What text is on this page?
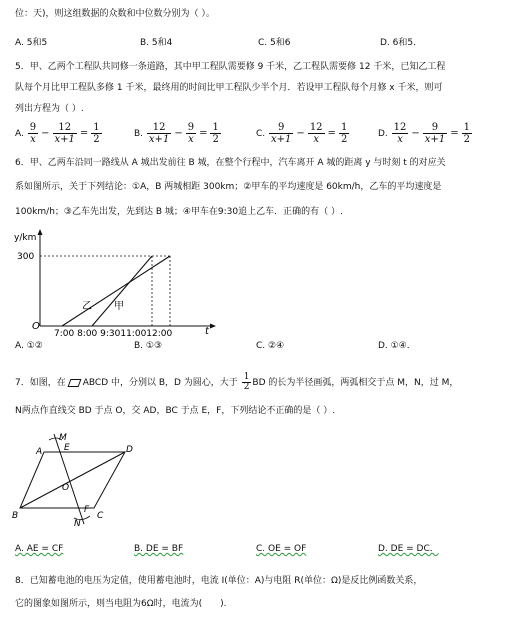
位：天)，则这组数据的众数和中位数分别为（ ）。
A. 5和5	B. 5和4	C. 5和6	D. 6和5．
5．甲、乙两个工程队共同修一条道路，其中甲工程队需要修 9 千米，乙工程队需要修 12 千米，已知乙工程
队每个月比甲工程队多修 1 千米，最终用的时间比甲工程队少半个月．若设甲工程队每个月修 x 千米，则可
列出方程为（ ）.
A. $\frac{9}{x} - \frac{12}{x+1} = \frac{1}{2}$	B. $\frac{12}{x+1} - \frac{9}{x} = \frac{1}{2}$	C. $\frac{9}{x+1} - \frac{12}{x} = \frac{1}{2}$	D. $\frac{12}{x} - \frac{9}{x+1} = \frac{1}{2}$
6．甲、乙两车沿同一路线从 A 城出发前往 B 城，在整个行程中，汽车离开 A 城的距离 y 与时刻 t 的对应关
系如图所示，关于下列结论：①A，B 两城相距 300km；②甲车的平均速度是 60km/h，乙车的平均速度是
100km/h；③乙车先出发，先到达 B 城；④甲车在9:30追上乙车．正确的有（ ）.
y/km
300
乙 甲
O
7:00 8:00 9:3011:0012:00	t
A. ①②	B. ①③	C. ②④	D. ①④．
7．如图，在 ABCD 中，分别以 B，D 为圆心，大于 $\frac{1}{2}$ BD 的长为半径画弧，两弧相交于点 M，N，过 M，
N两点作直线交 BD 于点 O，交 AD，BC 于点 E，F，下列结论不正确的是（ ）.
M
A E	D
O
B
F
N
C
A. AE = CF	B. DE = BF	C. OE = OF	D. DE = DC．
8．已知蓄电池的电压为定值，使用蓄电池时，电流 I(单位：A)与电阻 R(单位：Ω)是反比例函数关系，
它的图象如图所示，则当电阻为6Ω时，电流为(　　).
